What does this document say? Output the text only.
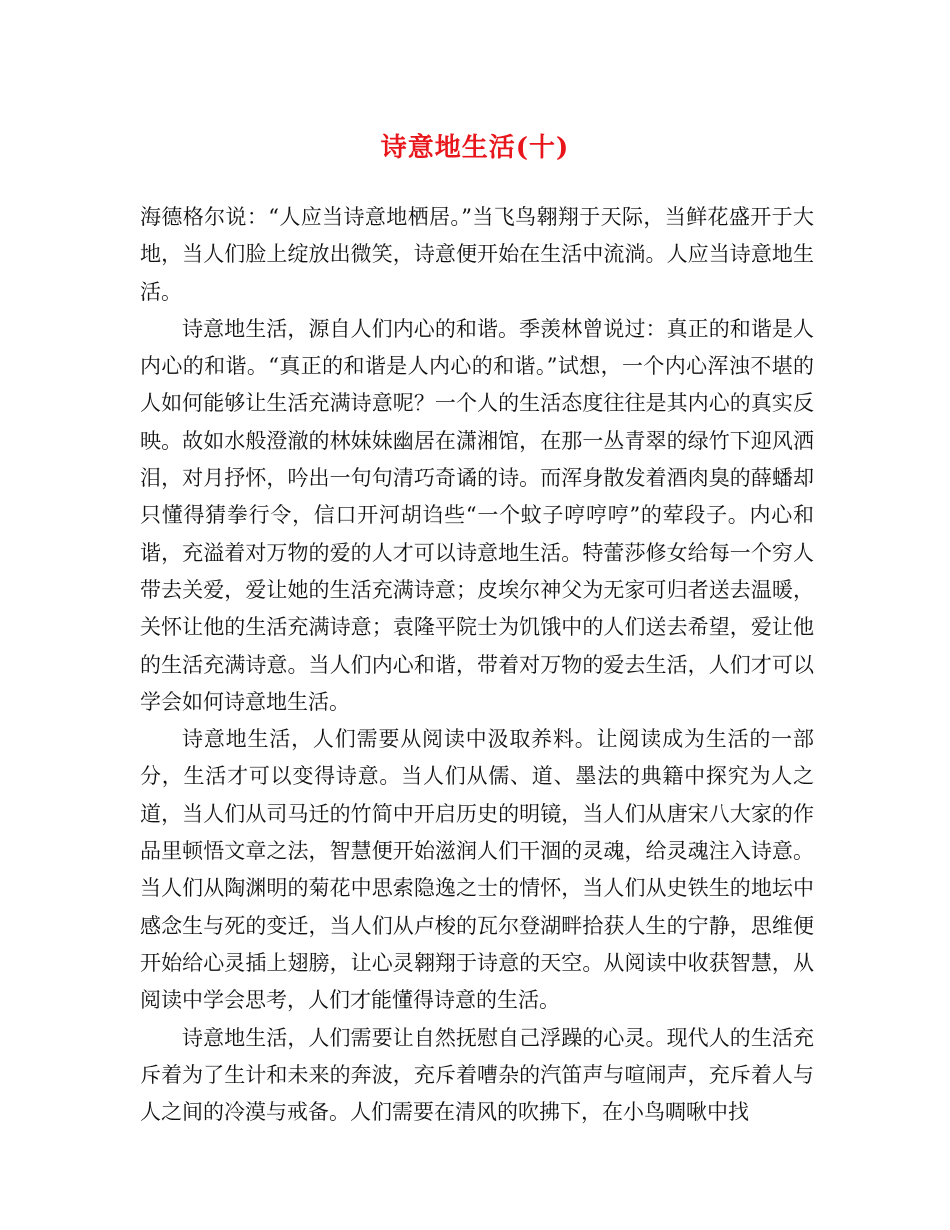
诗意地生活(十)

海德格尔说：“人应当诗意地栖居。”当飞鸟翱翔于天际，当鲜花盛开于大地，当人们脸上绽放出微笑，诗意便开始在生活中流淌。人应当诗意地生活。

诗意地生活，源自人们内心的和谐。季羡林曾说过：真正的和谐是人内心的和谐。“真正的和谐是人内心的和谐。”试想，一个内心浑浊不堪的人如何能够让生活充满诗意呢？一个人的生活态度往往是其内心的真实反映。故如水般澄澈的林妹妹幽居在潇湘馆，在那一丛青翠的绿竹下迎风洒泪，对月抒怀，吟出一句句清巧奇谲的诗。而浑身散发着酒肉臭的薛蟠却只懂得猜拳行令，信口开河胡诌些“一个蚊子哼哼哼”的荤段子。内心和谐，充溢着对万物的爱的人才可以诗意地生活。特蕾莎修女给每一个穷人带去关爱，爱让她的生活充满诗意；皮埃尔神父为无家可归者送去温暖，关怀让他的生活充满诗意；袁隆平院士为饥饿中的人们送去希望，爱让他的生活充满诗意。当人们内心和谐，带着对万物的爱去生活，人们才可以学会如何诗意地生活。

诗意地生活，人们需要从阅读中汲取养料。让阅读成为生活的一部分，生活才可以变得诗意。当人们从儒、道、墨法的典籍中探究为人之道，当人们从司马迁的竹简中开启历史的明镜，当人们从唐宋八大家的作品里顿悟文章之法，智慧便开始滋润人们干涸的灵魂，给灵魂注入诗意。当人们从陶渊明的菊花中思索隐逸之士的情怀，当人们从史铁生的地坛中感念生与死的变迁，当人们从卢梭的瓦尔登湖畔拾获人生的宁静，思维便开始给心灵插上翅膀，让心灵翱翔于诗意的天空。从阅读中收获智慧，从阅读中学会思考，人们才能懂得诗意的生活。

诗意地生活，人们需要让自然抚慰自己浮躁的心灵。现代人的生活充斥着为了生计和未来的奔波，充斥着嘈杂的汽笛声与喧闹声，充斥着人与人之间的冷漠与戒备。人们需要在清风的吹拂下，在小鸟啁啾中找
